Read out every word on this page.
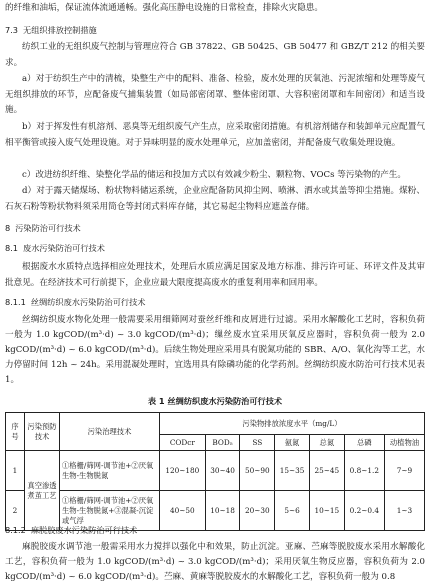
的纤维和油垢，保证流体流通通畅。强化高压静电设施的日常检查，排除火灾隐患。
7.3 无组织排放控制措施
纺织工业的无组织废气控制与管理应符合 GB 37822、GB 50425、GB 50477 和 GBZ/T 212 的相关要求。
a）对于纺织生产中的清梳，染整生产中的配料、准备、检验，废水处理的厌氧池、污泥浓缩和处理等废气无组织排放的环节，应配备废气捕集装置（如局部密闭罩、整体密闭罩、大容积密闭罩和车间密闭）和适当设施。
b）对于挥发性有机溶剂、恶臭等无组织废气产生点，应采取密闭措施。有机溶剂储存和装卸单元应配置气相平衡管或接入废气处理设施。对于异味明显的废水处理单元，应加盖密闭，并配备废气收集处理设施。
c）改进纺织纤维、染整化学品的储运和投加方式以有效减少粉尘、颗粒物、VOCs 等污染物的产生。
d）对于露天储煤场、粉状物料储运系统，企业应配备防风抑尘网、喷淋、洒水或其盖等抑尘措施。煤粉、石灰石粉等粉状物料须采用筒仓等封闭式料库存储，其它易起尘物料应遮盖存储。
8 污染防治可行技术
8.1 废水污染防治可行技术
根据废水水质特点选择相应处理技术，处理后水质应满足国家及地方标准、排污许可证、环评文件及其审批意见。在经济技术可行前提下，企业应最大限度提高废水的重复利用率和回用率。
8.1.1 丝绸纺织废水污染防治可行技术
丝绸纺织废水物化处理一般需要采用细筛网对蚕丝纤维和皮屑进行过滤。采用水解酸化工艺时，容积负荷一般为 1.0 kgCOD/(m³·d) ~ 3.0 kgCOD/(m³·d)；缫丝废水宜采用厌氧反应器时，容积负荷一般为 2.0 kgCOD/(m³·d) ~ 6.0 kgCOD/(m³·d)。后续生物处理应采用具有脱氮功能的 SBR、A/O、氧化沟等工艺，水力停留时间 12h ~ 24h。采用混凝处理时，宜选用具有除磷功能的化学药剂。丝绸纺织废水防治可行技术见表 1。
表 1 丝绸纺织废水污染防治可行技术
序号	污染预防技术	污染治理技术	污染物排放浓度水平（mg/L）						
			CODcr	BOD₅	SS	氨氮	总氮	总磷	动植物油
1	真空渗透煮茧工艺	①格栅/筛网-调节池+②厌氧生物-生物脱氮	120~180	30~40	50~90	15~35	25~45	0.8~1.2	7~9
2		①格栅/筛网-调节池+②厌氧生物-生物脱氮+③混凝-沉淀或气浮	40~50	10~18	20~30	5~6	10~15	0.2~0.4	1~3
8.1.2 麻脱胶废水污染防治可行技术
麻脱胶废水调节池一般需采用水力搅拌以强化中和效果，防止沉淀。亚麻、苎麻等脱胶废水采用水解酸化工艺，容积负荷一般为 1.0 kgCOD/(m³·d) ~ 3.0 kgCOD/(m³·d)；采用厌氧生物反应器，容积负荷为 2.0 kgCOD/(m³·d) ~ 6.0 kgCOD/(m³·d)。苎麻、黄麻等脱胶废水的水解酸化工艺，容积负荷一般为 0.8
